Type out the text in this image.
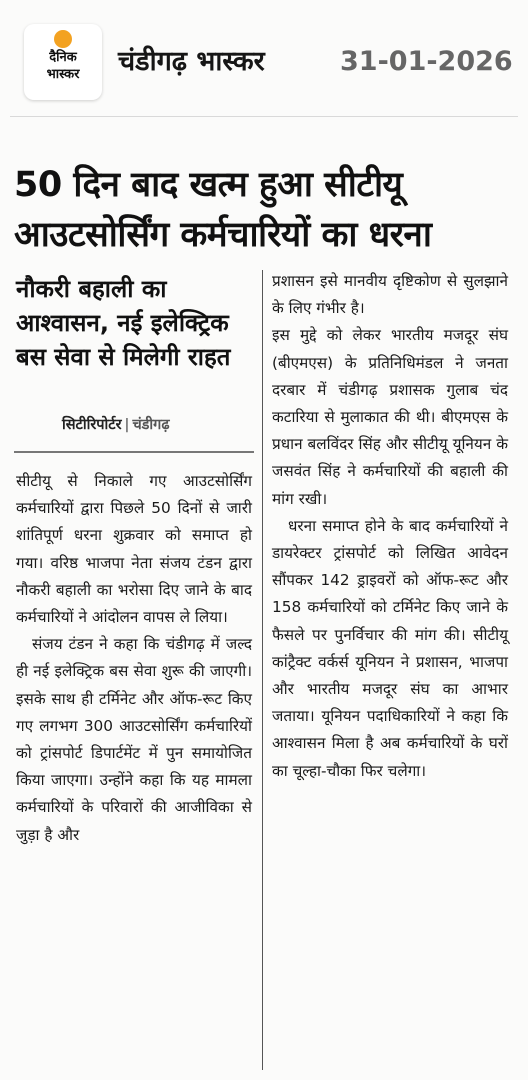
दैनिक
भास्कर	चंडीगढ़ भास्कर	31-01-2026
50 दिन बाद खत्म हुआ सीटीयू आउटसोर्सिंग कर्मचारियों का धरना
नौकरी बहाली का आश्वासन, नई इलेक्ट्रिक बस सेवा से मिलेगी राहत
सिटीरिपोर्टर | चंडीगढ़

सीटीयू से निकाले गए आउटसोर्सिंग कर्मचारियों द्वारा पिछले 50 दिनों से जारी शांतिपूर्ण धरना शुक्रवार को समाप्त हो गया। वरिष्ठ भाजपा नेता संजय टंडन द्वारा नौकरी बहाली का भरोसा दिए जाने के बाद कर्मचारियों ने आंदोलन वापस ले लिया।

संजय टंडन ने कहा कि चंडीगढ़ में जल्द ही नई इलेक्ट्रिक बस सेवा शुरू की जाएगी। इसके साथ ही टर्मिनेट और ऑफ-रूट किए गए लगभग 300 आउटसोर्सिंग कर्मचारियों को ट्रांसपोर्ट डिपार्टमेंट में पुन समायोजित किया जाएगा। उन्होंने कहा कि यह मामला कर्मचारियों के परिवारों की आजीविका से जुड़ा है और

प्रशासन इसे मानवीय दृष्टिकोण से सुलझाने के लिए गंभीर है।

इस मुद्दे को लेकर भारतीय मजदूर संघ (बीएमएस) के प्रतिनिधिमंडल ने जनता दरबार में चंडीगढ़ प्रशासक गुलाब चंद कटारिया से मुलाकात की थी। बीएमएस के प्रधान बलविंदर सिंह और सीटीयू यूनियन के जसवंत सिंह ने कर्मचारियों की बहाली की मांग रखी।

धरना समाप्त होने के बाद कर्मचारियों ने डायरेक्टर ट्रांसपोर्ट को लिखित आवेदन सौंपकर 142 ड्राइवरों को ऑफ-रूट और 158 कर्मचारियों को टर्मिनेट किए जाने के फैसले पर पुनर्विचार की मांग की। सीटीयू कांट्रैक्ट वर्कर्स यूनियन ने प्रशासन, भाजपा और भारतीय मजदूर संघ का आभार जताया। यूनियन पदाधिकारियों ने कहा कि आश्वासन मिला है अब कर्मचारियों के घरों का चूल्हा-चौका फिर चलेगा।
